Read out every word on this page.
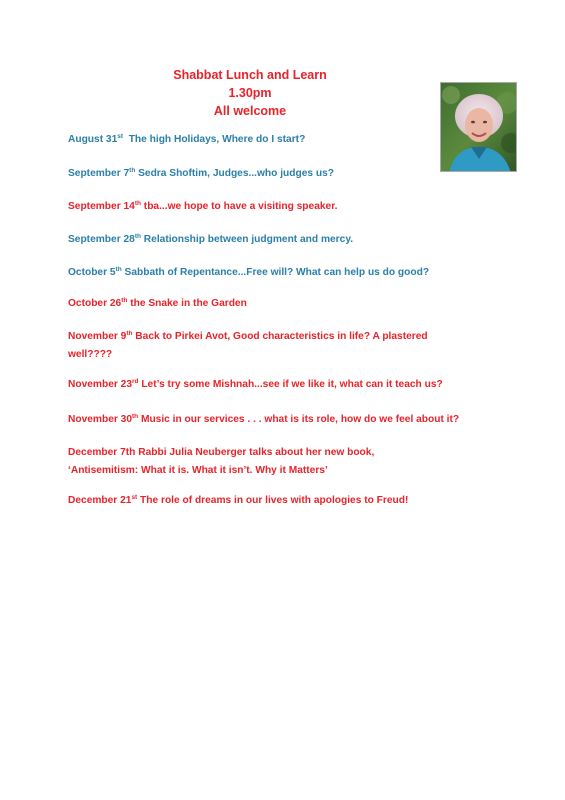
Shabbat Lunch and Learn
1.30pm
All welcome
August 31st  The high Holidays, Where do I start?
September 7th Sedra Shoftim, Judges...who judges us?
September 14th tba...we hope to have a visiting speaker.
September 28th Relationship between judgment and mercy.
October 5th Sabbath of Repentance...Free will? What can help us do good?
October 26th the Snake in the Garden
November 9th Back to Pirkei Avot, Good characteristics in life? A plastered
well????
November 23rd Let’s try some Mishnah...see if we like it, what can it teach us?
November 30th Music in our services . . . what is its role, how do we feel about it?
December 7th Rabbi Julia Neuberger talks about her new book,
‘Antisemitism: What it is. What it isn’t. Why it Matters’
December 21st The role of dreams in our lives with apologies to Freud!
